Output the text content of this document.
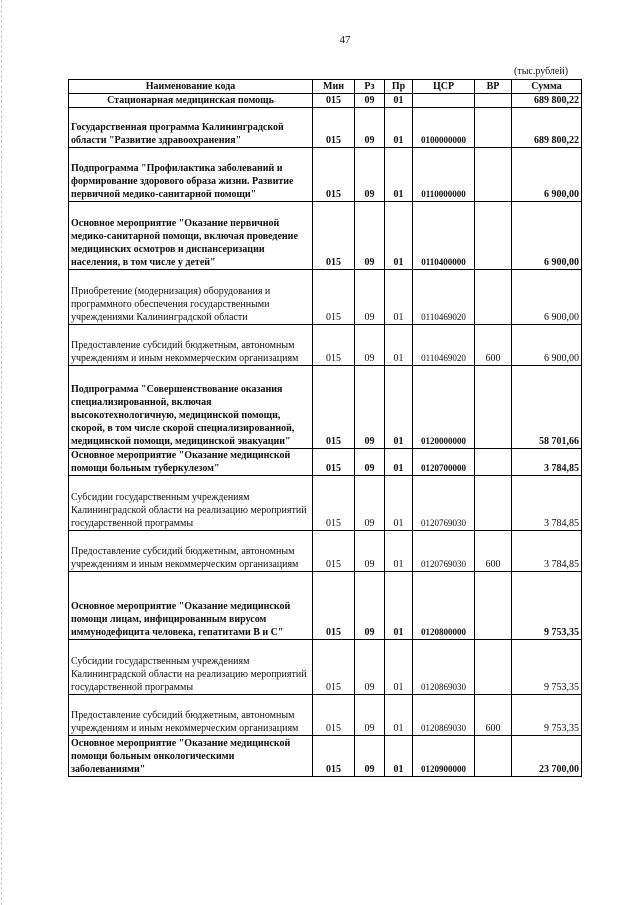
47
(тыс.рублей)
Наименование кода	Мин	Рз	Пр	ЦСР	ВР	Сумма
Стационарная медицинская помощь	015	09	01			689 800,22
Государственная программа Калининградской области "Развитие здравоохранения"	015	09	01	0100000000		689 800,22
Подпрограмма "Профилактика заболеваний и формирование здорового образа жизни. Развитие первичной медико-санитарной помощи"	015	09	01	0110000000		6 900,00
Основное мероприятие "Оказание первичной медико-санитарной помощи, включая проведение медицинских осмотров и диспансеризации населения, в том числе у детей"	015	09	01	0110400000		6 900,00
Приобретение (модернизация) оборудования и программного обеспечения государственными учреждениями Калининградской области	015	09	01	0110469020		6 900,00
Предоставление субсидий бюджетным, автономным учреждениям и иным некоммерческим организациям	015	09	01	0110469020	600	6 900,00
Подпрограмма "Совершенствование оказания специализированной, включая высокотехнологичную, медицинской помощи, скорой, в том числе скорой специализированной, медицинской помощи, медицинской эвакуации"	015	09	01	0120000000		58 701,66
Основное мероприятие "Оказание медицинской помощи больным туберкулезом"	015	09	01	0120700000		3 784,85
Субсидии государственным учреждениям Калининградской области на реализацию мероприятий государственной программы	015	09	01	0120769030		3 784,85
Предоставление субсидий бюджетным, автономным учреждениям и иным некоммерческим организациям	015	09	01	0120769030	600	3 784,85
Основное мероприятие "Оказание медицинской помощи лицам, инфицированным вирусом иммунодефицита человека, гепатитами В и С"	015	09	01	0120800000		9 753,35
Субсидии государственным учреждениям Калининградской области на реализацию мероприятий государственной программы	015	09	01	0120869030		9 753,35
Предоставление субсидий бюджетным, автономным учреждениям и иным некоммерческим организациям	015	09	01	0120869030	600	9 753,35
Основное мероприятие "Оказание медицинской помощи больным онкологическими заболеваниями"	015	09	01	0120900000		23 700,00
